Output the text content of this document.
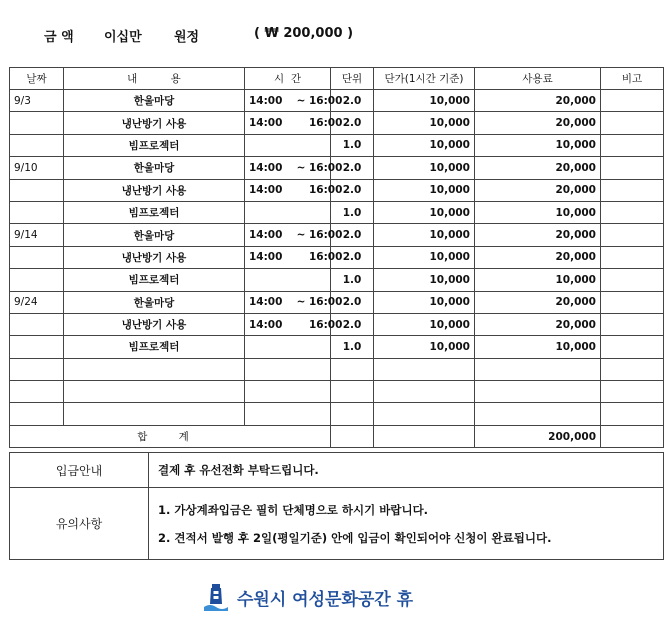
금 액 이십만 원정	( ₩ 200,000 )
날짜	내          용	시  간	단위	단가(1시간 기준)	사용료	비고
9/3	한울마당	14:00 ~ 16:00	2.0	10,000	20,000	
	냉난방기 사용	14:00 16:00	2.0	10,000	20,000	
	빔프로젝터		1.0	10,000	10,000	
9/10	한울마당	14:00 ~ 16:00	2.0	10,000	20,000	
	냉난방기 사용	14:00 16:00	2.0	10,000	20,000	
	빔프로젝터		1.0	10,000	10,000	
9/14	한울마당	14:00 ~ 16:00	2.0	10,000	20,000	
	냉난방기 사용	14:00 16:00	2.0	10,000	20,000	
	빔프로젝터		1.0	10,000	10,000	
9/24	한울마당	14:00 ~ 16:00	2.0	10,000	20,000	
	냉난방기 사용	14:00 16:00	2.0	10,000	20,000	
	빔프로젝터		1.0	10,000	10,000	

합 계					200,000	
입금안내	결제 후 유선전화 부탁드립니다.
유의사항	1. 가상계좌입금은 필히 단체명으로 하시기 바랍니다.
2. 견적서 발행 후 2일(평일기준) 안에 입금이 확인되어야 신청이 완료됩니다.
수원시 여성문화공간 휴
